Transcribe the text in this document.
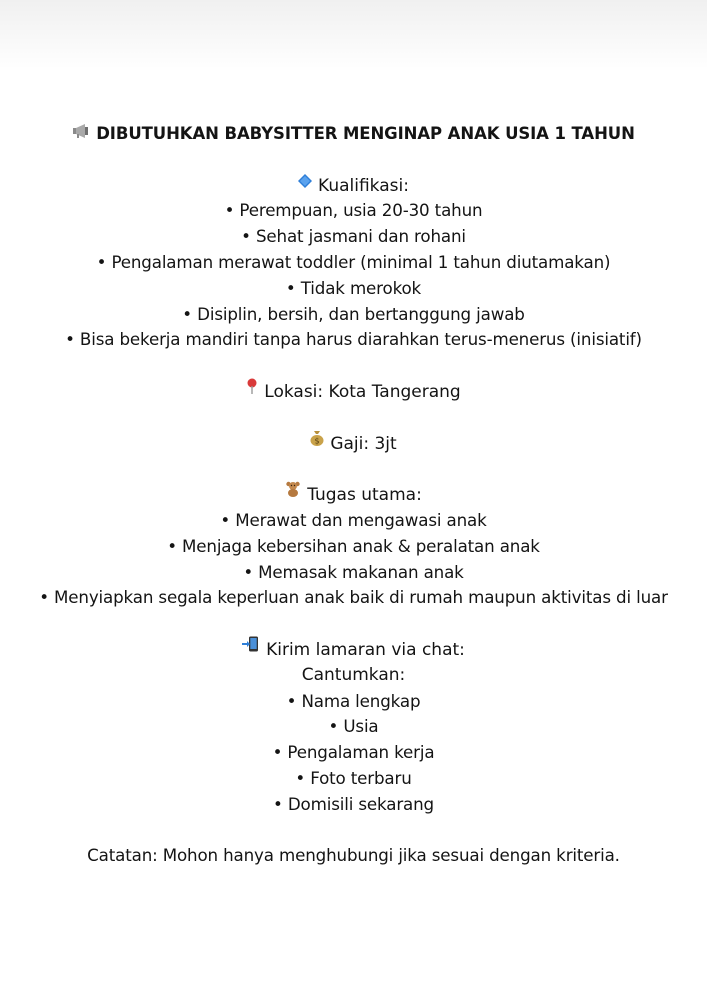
DIBUTUHKAN BABYSITTER MENGINAP ANAK USIA 1 TAHUN
Kualifikasi:
• Perempuan, usia 20-30 tahun
• Sehat jasmani dan rohani
• Pengalaman merawat toddler (minimal 1 tahun diutamakan)
• Tidak merokok
• Disiplin, bersih, dan bertanggung jawab
• Bisa bekerja mandiri tanpa harus diarahkan terus-menerus (inisiatif)
Lokasi: Kota Tangerang
$ Gaji: 3jt
Tugas utama:
• Merawat dan mengawasi anak
• Menjaga kebersihan anak & peralatan anak
• Memasak makanan anak
• Menyiapkan segala keperluan anak baik di rumah maupun aktivitas di luar
Kirim lamaran via chat:
Cantumkan:
• Nama lengkap
• Usia
• Pengalaman kerja
• Foto terbaru
• Domisili sekarang
Catatan: Mohon hanya menghubungi jika sesuai dengan kriteria.
